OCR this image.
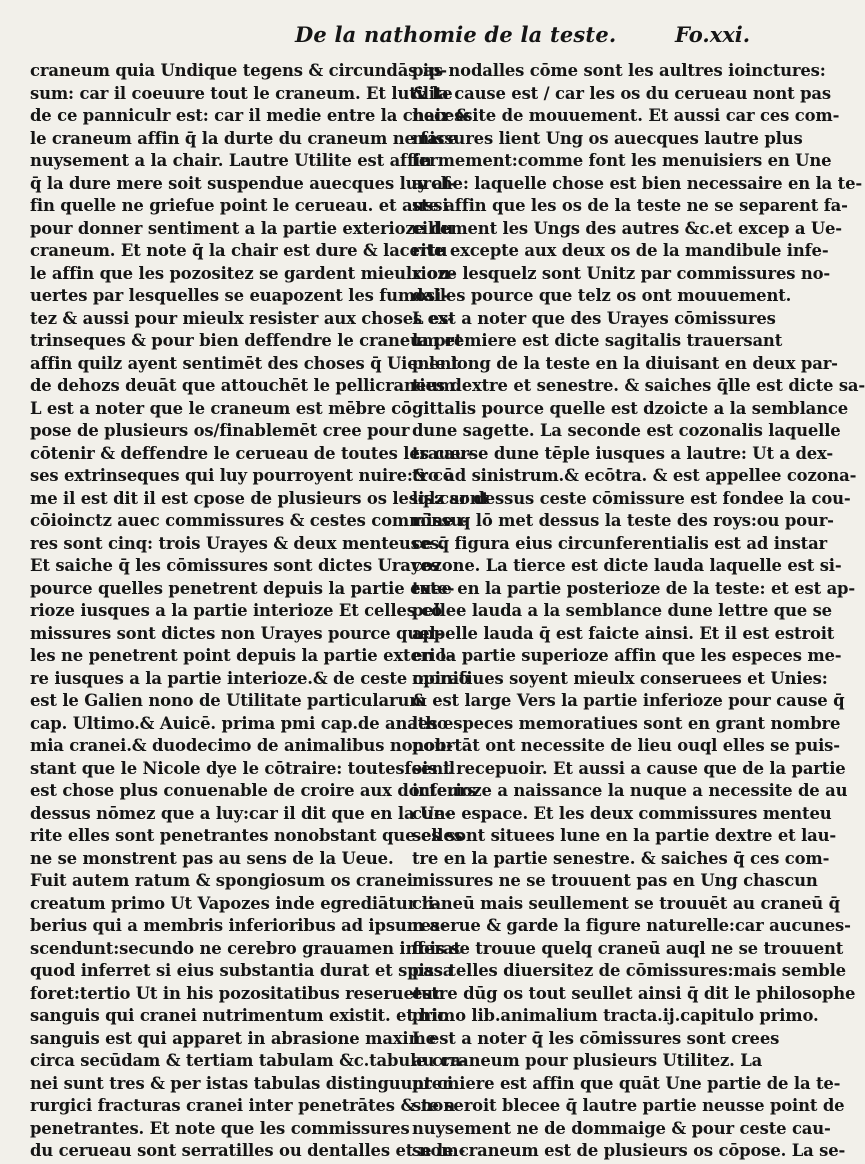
De la nathomie de la teste.	Fo.xxi.
craneum quia Undique tegens & circundās ip-
sum: car il coeuure tout le craneum. Et lutilite
de ce panniculr est: car il medie entre la chair &
le craneum affin q̄ la durte du craneum ne face
nuysement a la chair. Lautre Utilite est affin
q̄ la dure mere soit suspendue auecques luy af-
fin quelle ne griefue point le cerueau. et aussi
pour donner sentiment a la partie exterioze du
craneum. Et note q̄ la chair est dure & lacertu
le affin que les pozositez se gardent mieulx ou-
uertes par lesquelles se euapozent les fumosi-
tez & aussi pour mieulx resister aux choses ex-
trinseques & pour bien deffendre le craneum et
affin quilz ayent sentimēt des choses q̄ Uienent
de dehozs deuāt que attouchēt le pellicraneum.
L est a noter que le craneum est mēbre cō
pose de plusieurs os/finablemēt cree pour
cōtenir & deffendre le cerueau de toutes les cau-
ses extrinseques qui luy pourroyent nuire:& cō
me il est dit il est cpose de plusieurs os lesqlz sont
cōioinctz auec commissures & cestes commissu-
res sont cinq: trois Urayes & deux menteuses.
Et saiche q̄ les cōmissures sont dictes Urayes
pource quelles penetrent depuis la partie exte-
rioze iusques a la partie interioze Et celles cō
missures sont dictes non Urayes pource quel-
les ne penetrent point depuis la partie exterio-
re iusques a la partie interioze.& de ceste opiniō
est le Galien nono de Utilitate particularum
cap. Ultimo.& Auicē. prima pmi cap.de anatho
mia cranei.& duodecimo de animalibus nonob-
stant que le Nicole dye le cōtraire: toutesfois il
est chose plus conuenable de croire aux docteurs
dessus nōmez que a luy:car il dit que en la Ue-
rite elles sont penetrantes nonobstant que elles
ne se monstrent pas au sens de la Ueue.
Fuit autem ratum & spongiosum os cranei
creatum primo Ut Vapozes inde egrediātur li-
berius qui a membris inferioribus ad ipsum a-
scendunt:secundo ne cerebro grauamen inferat
quod inferret si eius substantia durat et spissa
foret:tertio Ut in his pozositatibus reseruetur
sanguis qui cranei nutrimentum existit. et hic
sanguis est qui apparet in abrasione maxime
circa secūdam & tertiam tabulam &c.tabule cra-
nei sunt tres & per istas tabulas distinguunt ci
rurgici fracturas cranei inter penetrātes & non
penetrantes. Et note que les commissures
du cerueau sont serratilles ou dentalles et nom-
pas nodalles cōme sont les aultres ioinctures:
& la cause est / car les os du cerueau nont pas
necessite de mouuement. Et aussi car ces com-
missures lient Ung os auecques lautre plus
fermement:comme font les menuisiers en Une
arche: laquelle chose est bien necessaire en la te-
ste affin que les os de la teste ne se separent fa-
cillement les Ungs des autres &c.et excep a Ue-
rite excepte aux deux os de la mandibule infe-
rioze lesquelz sont Unitz par commissures no-
dalles pource que telz os ont mouuement.
L est a noter que des Urayes cōmissures
la premiere est dicte sagitalis trauersant
p le long de la teste en la diuisant en deux par-
ties dextre et senestre. & saiches q̄lle est dicte sa-
gittalis pource quelle est dzoicte a la semblance
dune sagette. La seconde est cozonalis laquelle
trauerse dune tēple iusques a lautre: Ut a dex-
tro ad sinistrum.& ecōtra. & est appellee cozona-
lis:car dessus ceste cōmissure est fondee la cou-
rōne q lō met dessus la teste des roys:ou pour-
ce q̄ figura eius circunferentialis est ad instar
cozone. La tierce est dicte lauda laquelle est si-
tuee en la partie posterioze de la teste: et est ap-
pellee lauda a la semblance dune lettre que se
appelle lauda q̄ est faicte ainsi. Et il est estroit
en la partie superioze affin que les especes me-
moratiues soyent mieulx conseruees et Unies:
& est large Vers la partie inferioze pour cause q̄
les especes memoratiues sont en grant nombre
pourtāt ont necessite de lieu ouql elles se puis-
sent recepuoir. Et aussi a cause que de la partie
inferioze a naissance la nuque a necessite de au
cune espace. Et les deux commissures menteu
ses sont situees lune en la partie dextre et lau-
tre en la partie senestre. & saiches q̄ ces com-
missures ne se trouuent pas en Ung chascun
craneū mais seullement se trouuēt au craneū q̄
reserue & garde la figure naturelle:car aucunes-
fois se trouue quelq craneū auql ne se trouuent
pas telles diuersitez de cōmissures:mais semble
estre dūg os tout seullet ainsi q̄ dit le philosophe
primo lib.animalium tracta.ij.capitulo primo.
L est a noter q̄ les cōmissures sont crees
au craneum pour plusieurs Utilitez. La
premiere est affin que quāt Une partie de la te-
ste seroit blecee q̄ lautre partie neusse point de
nuysement ne de dommaige & pour ceste cau-
se le craneum est de plusieurs os cōpose. La se-
